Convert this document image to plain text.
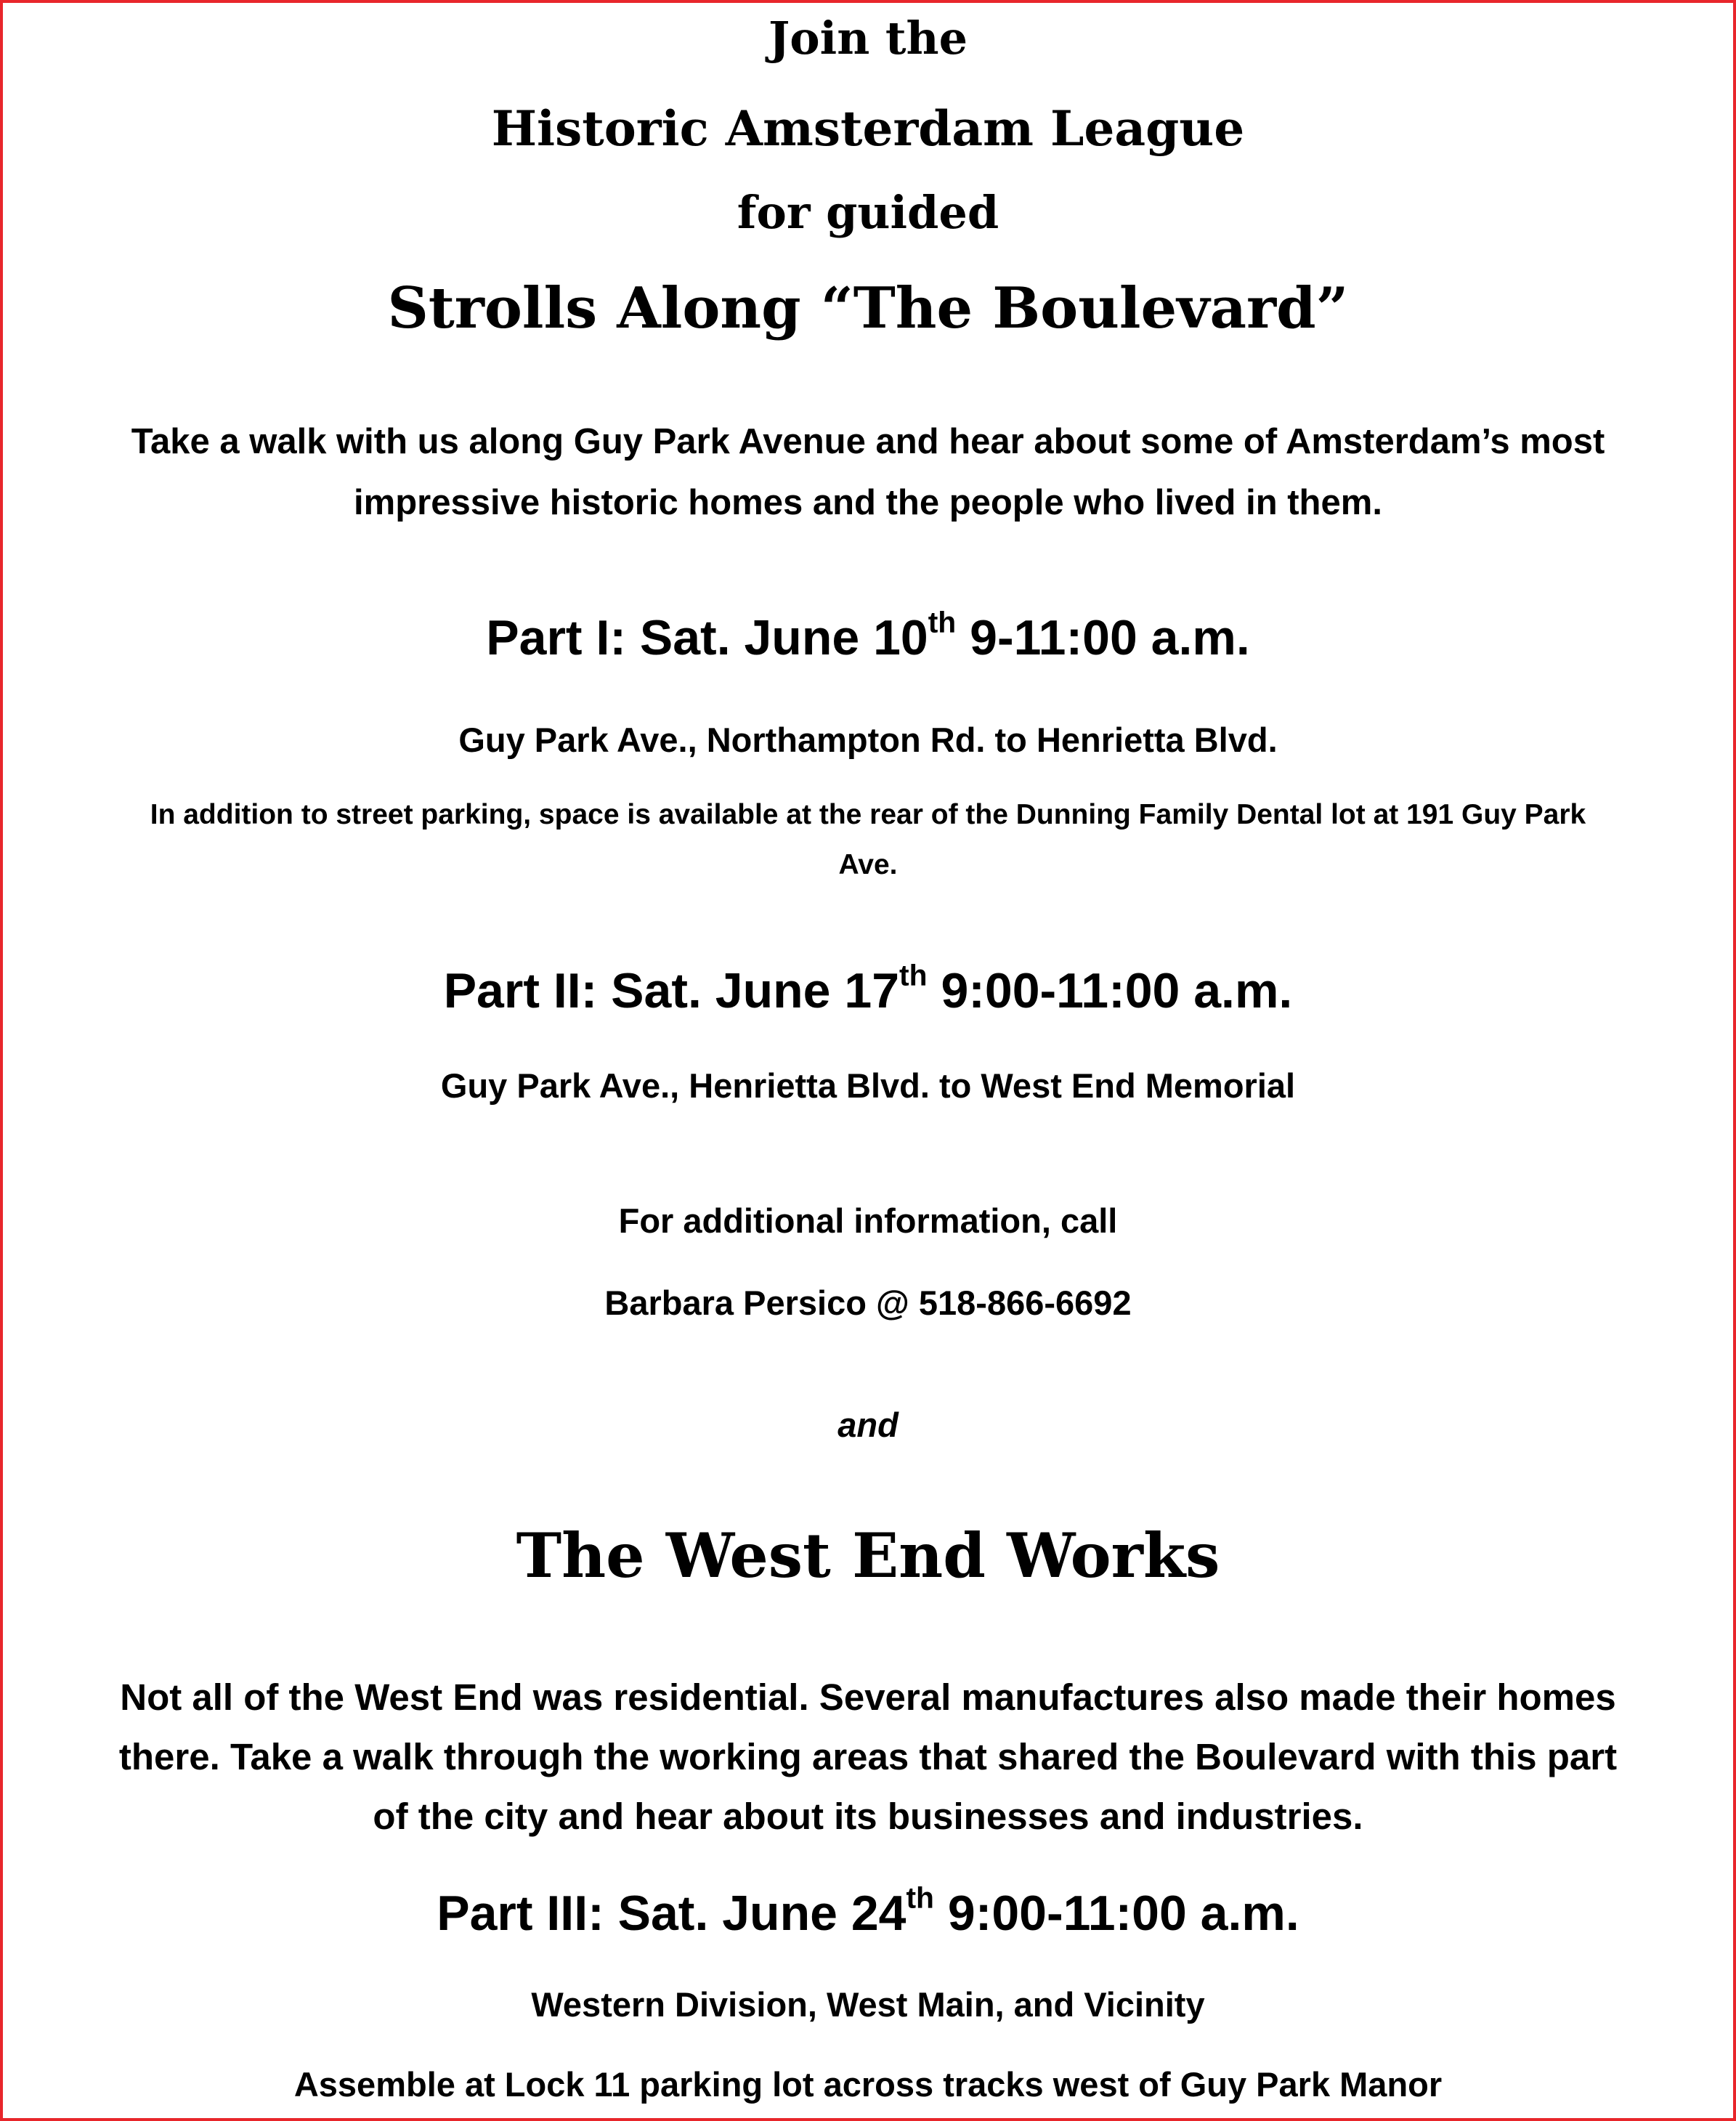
Join the
Historic Amsterdam League
for guided
Strolls Along “The Boulevard”
Take a walk with us along Guy Park Avenue and hear about some of Amsterdam’s most
impressive historic homes and the people who lived in them.
Part I: Sat. June 10th 9-11:00 a.m.
Guy Park Ave., Northampton Rd. to Henrietta Blvd.
In addition to street parking, space is available at the rear of the Dunning Family Dental lot at 191 Guy Park
Ave.
Part II: Sat. June 17th 9:00-11:00 a.m.
Guy Park Ave., Henrietta Blvd. to West End Memorial
For additional information, call
Barbara Persico @ 518-866-6692
and
The West End Works
Not all of the West End was residential. Several manufactures also made their homes
there. Take a walk through the working areas that shared the Boulevard with this part
of the city and hear about its businesses and industries.
Part III: Sat. June 24th 9:00-11:00 a.m.
Western Division, West Main, and Vicinity
Assemble at Lock 11 parking lot across tracks west of Guy Park Manor
